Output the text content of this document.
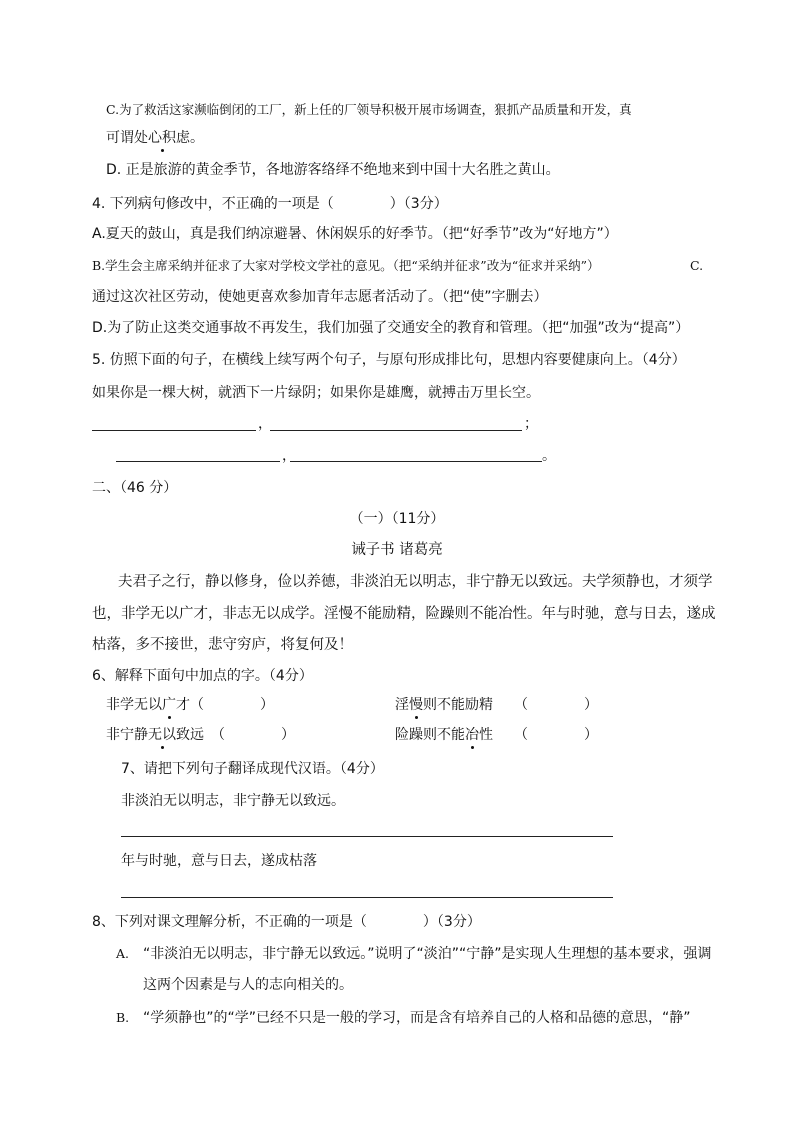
C.为了救活这家濒临倒闭的工厂，新上任的厂领导积极开展市场调查，狠抓产品质量和开发，真
可谓处心积虑。
D. 正是旅游的黄金季节，各地游客络绎不绝地来到中国十大名胜之黄山。
4. 下列病句修改中，不正确的一项是（　　　　）（3分）
A.夏天的鼓山，真是我们纳凉避暑、休闲娱乐的好季节。（把“好季节”改为“好地方”）
B.学生会主席采纳并征求了大家对学校文学社的意见。（把“采纳并征求”改为“征求并采纳”）	C.
通过这次社区劳动，使她更喜欢参加青年志愿者活动了。（把“使”字删去）
D.为了防止这类交通事故不再发生，我们加强了交通安全的教育和管理。（把“加强”改为“提高”）
5. 仿照下面的句子，在横线上续写两个句子，与原句形成排比句，思想内容要健康向上。（4分）
如果你是一棵大树，就洒下一片绿阴；如果你是雄鹰，就搏击万里长空。
，	；
，	。
二、（46 分）
（一）（11分）
诫子书 诸葛亮
夫君子之行，静以修身，俭以养德，非淡泊无以明志，非宁静无以致远。夫学须静也，才须学
也，非学无以广才，非志无以成学。淫慢不能励精，险躁则不能冶性。年与时驰，意与日去，遂成
枯落，多不接世，悲守穷庐，将复何及！
6、解释下面句中加点的字。（4分）
非学无以广才（　　　　）	淫慢则不能励精　　（　　　　）
非宁静无以致远　（　　　　）	险躁则不能冶性　　（　　　　）
7、请把下列句子翻译成现代汉语。（4分）
非淡泊无以明志，非宁静无以致远。
年与时驰，意与日去，遂成枯落
8、下列对课文理解分析，不正确的一项是（　　　　）（3分）
A. “非淡泊无以明志，非宁静无以致远。”说明了“淡泊”“宁静”是实现人生理想的基本要求，强调
这两个因素是与人的志向相关的。
B. “学须静也”的“学”已经不只是一般的学习，而是含有培养自己的人格和品德的意思，“静”
